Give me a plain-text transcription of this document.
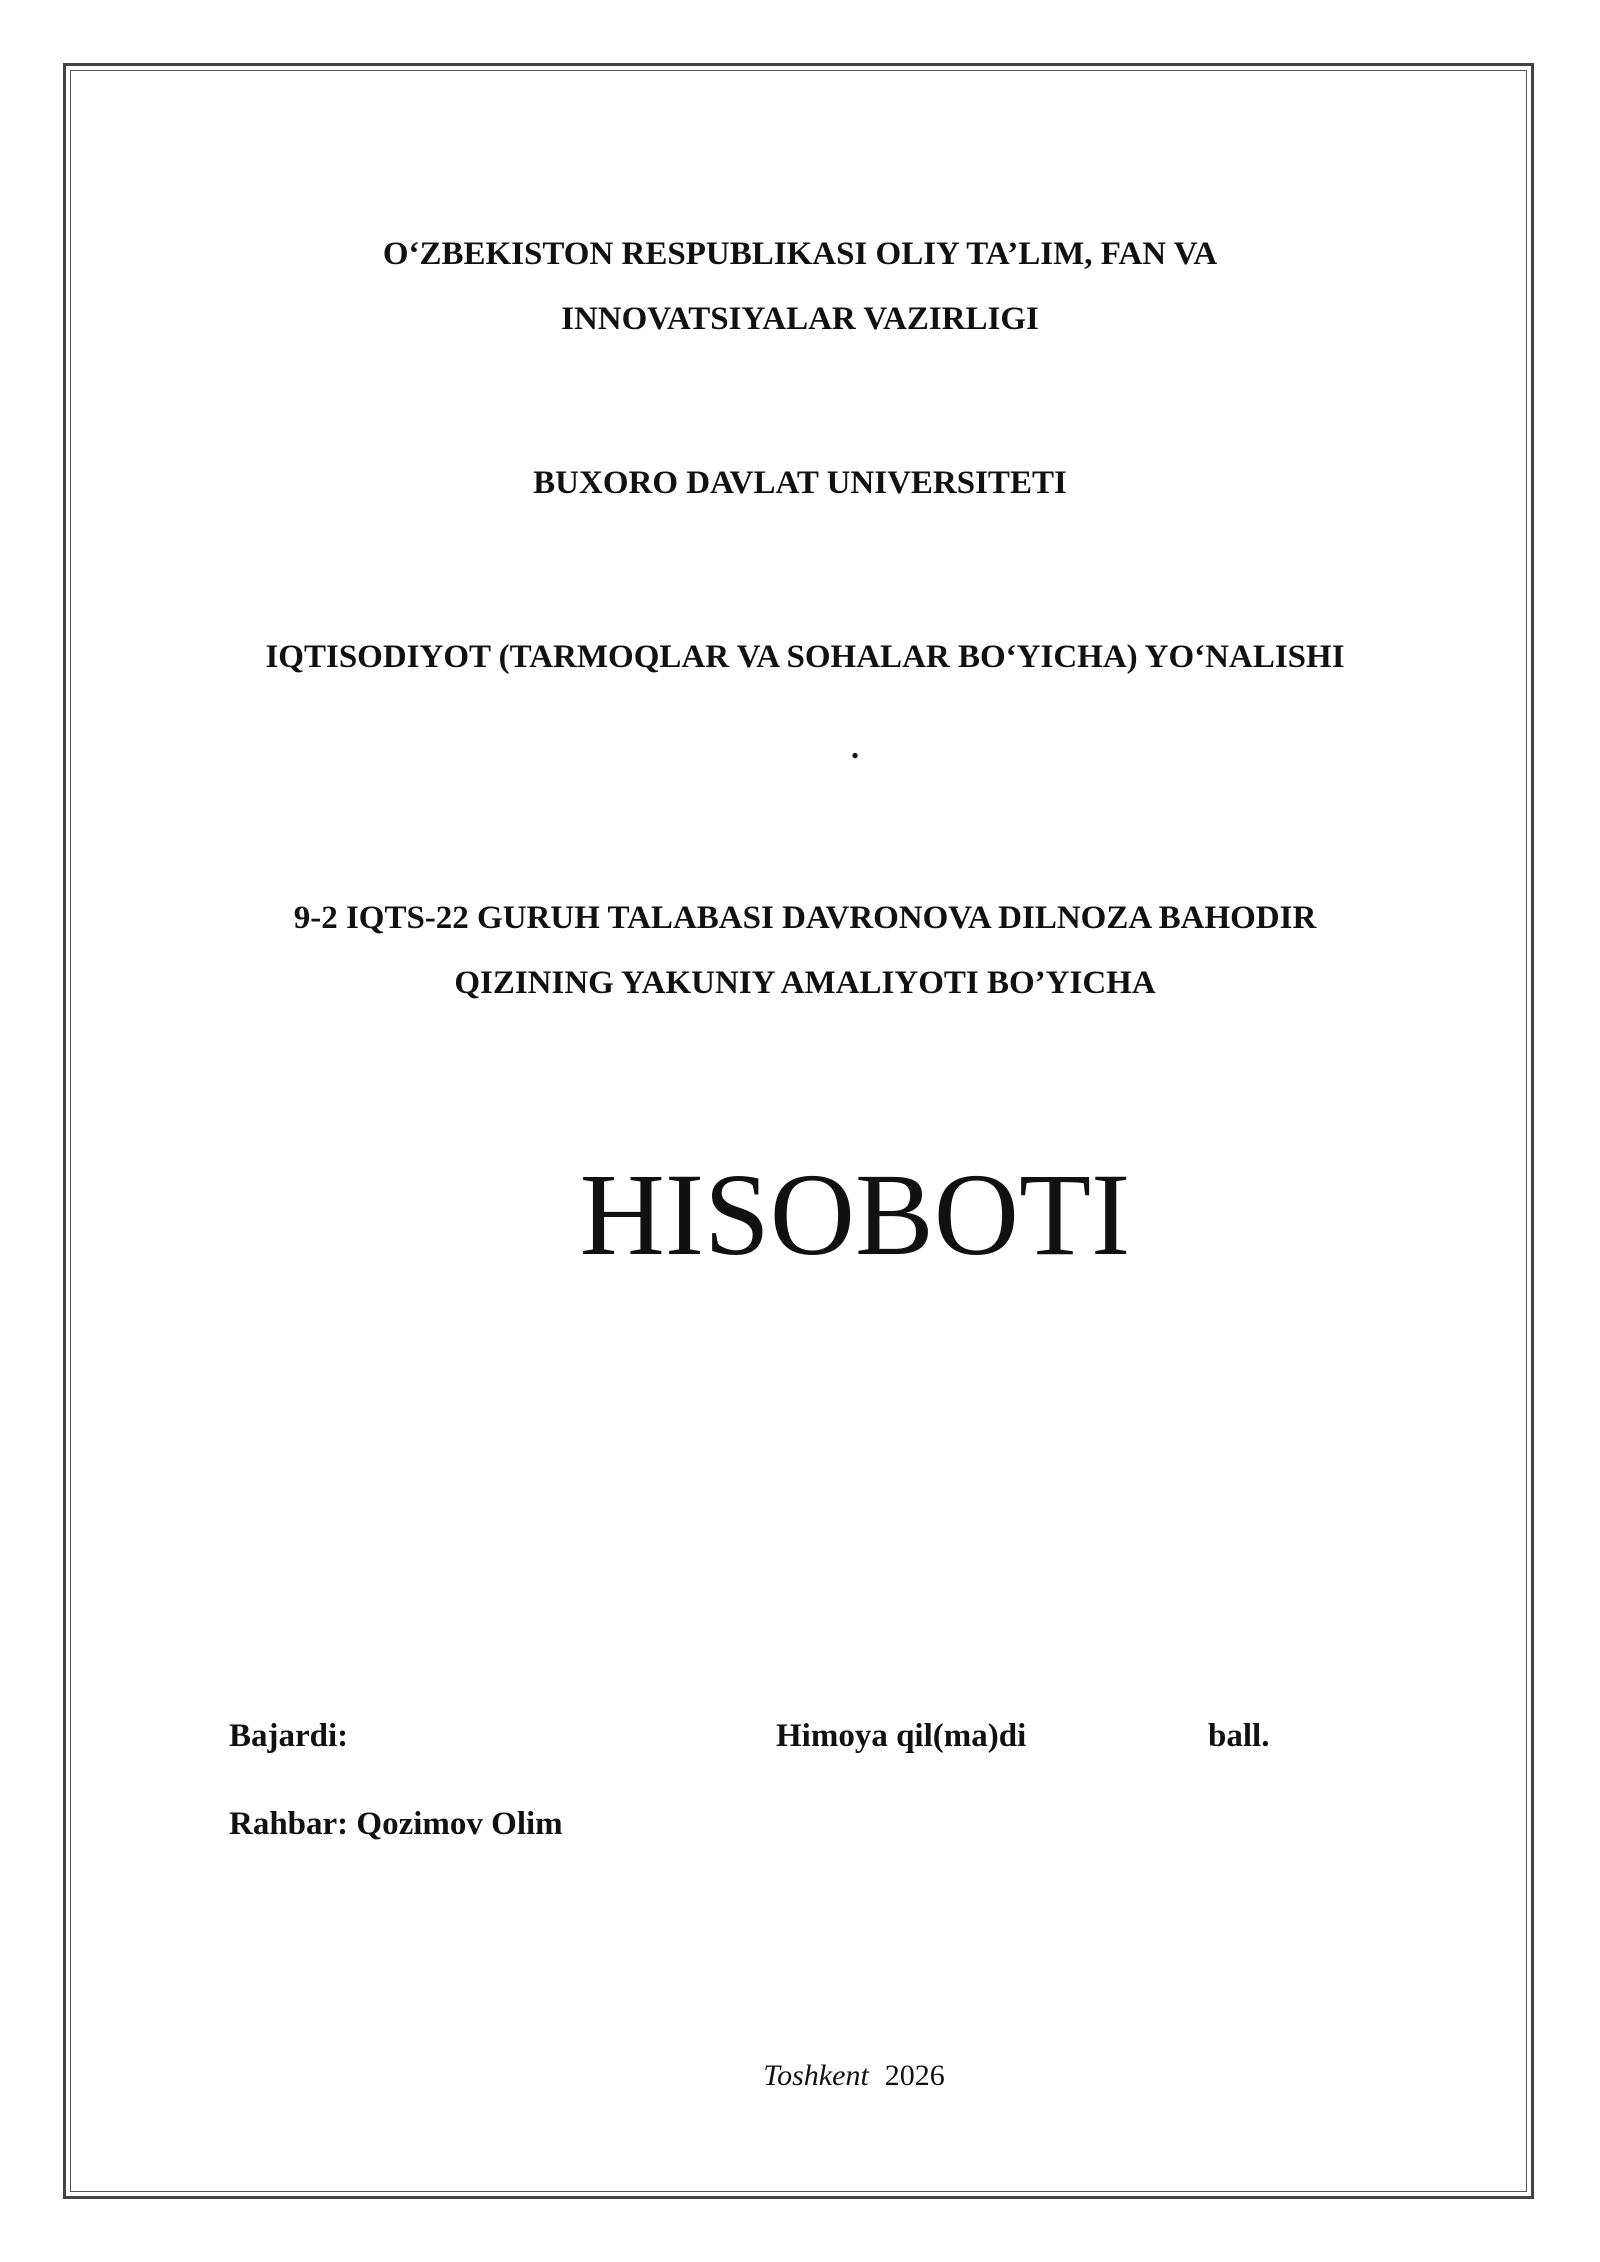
O‘ZBEKISTON RESPUBLIKASI OLIY TA’LIM, FAN VA
INNOVATSIYALAR VAZIRLIGI
BUXORO DAVLAT UNIVERSITETI
IQTISODIYOT (TARMOQLAR VA SOHALAR BO‘YICHA) YO‘NALISHI
.
9-2 IQTS-22 GURUH TALABASI DAVRONOVA DILNOZA BAHODIR
QIZINING YAKUNIY AMALIYOTI BO’YICHA
HISOBOTI
Bajardi:	Himoya qil(ma)di	ball.
Rahbar: Qozimov Olim
Toshkent 2026
